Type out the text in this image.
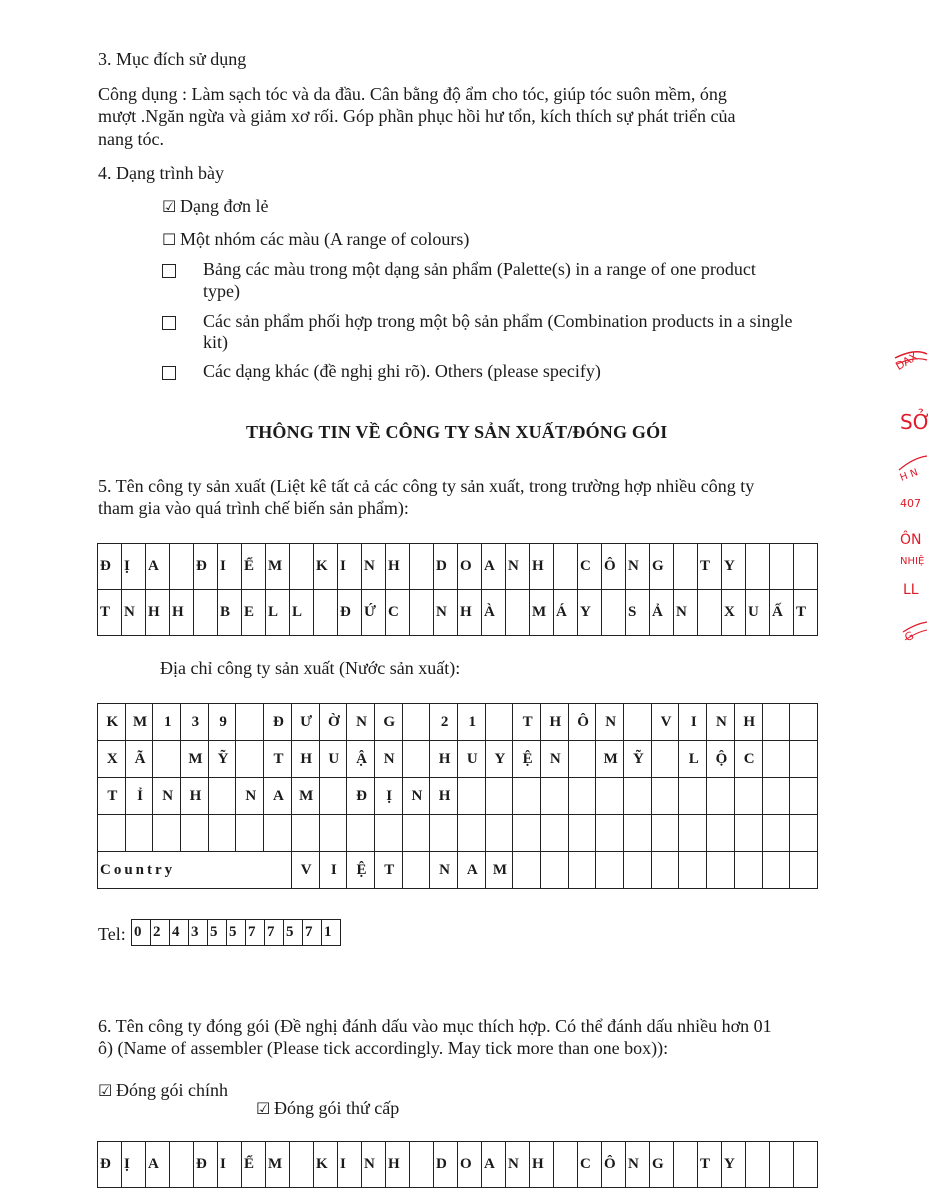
3. Mục đích sử dụng
Công dụng : Làm sạch tóc và da đầu. Cân bằng độ ẩm cho tóc, giúp tóc suôn mềm, óng
mượt .Ngăn ngừa và giảm xơ rối. Góp phần phục hồi hư tổn, kích thích sự phát triển của
nang tóc.
4. Dạng trình bày
☑ Dạng đơn lẻ
☐ Một nhóm các màu (A range of colours)
Bảng các màu trong một dạng sản phẩm (Palette(s) in a range of one product
type)
Các sản phẩm phối hợp trong một bộ sản phẩm (Combination products in a single
kit)
Các dạng khác (đề nghị ghi rõ). Others (please specify)
THÔNG TIN VỀ CÔNG TY SẢN XUẤT/ĐÓNG GÓI
5. Tên công ty sản xuất (Liệt kê tất cả các công ty sản xuất, trong trường hợp nhiều công ty
tham gia vào quá trình chế biến sản phẩm):
Đ	Ị	A		Đ	I	Ể	M		K	I	N	H		D	O	A	N	H		C	Ô	N	G		T	Y			

T	N	H	H		B	E	L	L		Đ	Ứ	C		N	H	À		M	Á	Y		S	Ả	N		X	U	Ấ	T
Địa chỉ công ty sản xuất (Nước sản xuất):
K	M	1	3	9		Đ	Ư	Ờ	N	G		2	1		T	H	Ô	N		V	I	N	H		

X	Ã		M	Ỹ		T	H	U	Ậ	N		H	U	Y	Ệ	N		M	Ỹ		L	Ộ	C		

T	Ỉ	N	H		N	A	M		Đ	Ị	N	H													

Country							V	I	Ệ	T		N	A	M											

Tel: 0	2	4	3	5	5	7	7	5	7	1
6. Tên công ty đóng gói (Đề nghị đánh dấu vào mục thích hợp. Có thể đánh dấu nhiều hơn 01
ô) (Name of assembler (Please tick accordingly. May tick more than one box)):
☑ Đóng gói chính
☑ Đóng gói thứ cấp
Đ	Ị	A		Đ	I	Ể	M		K	I	N	H		D	O	A	N	H		C	Ô	N	G		T	Y

DAX
SỞ
H N
407
ÔN
NHIỆ
LL
G
